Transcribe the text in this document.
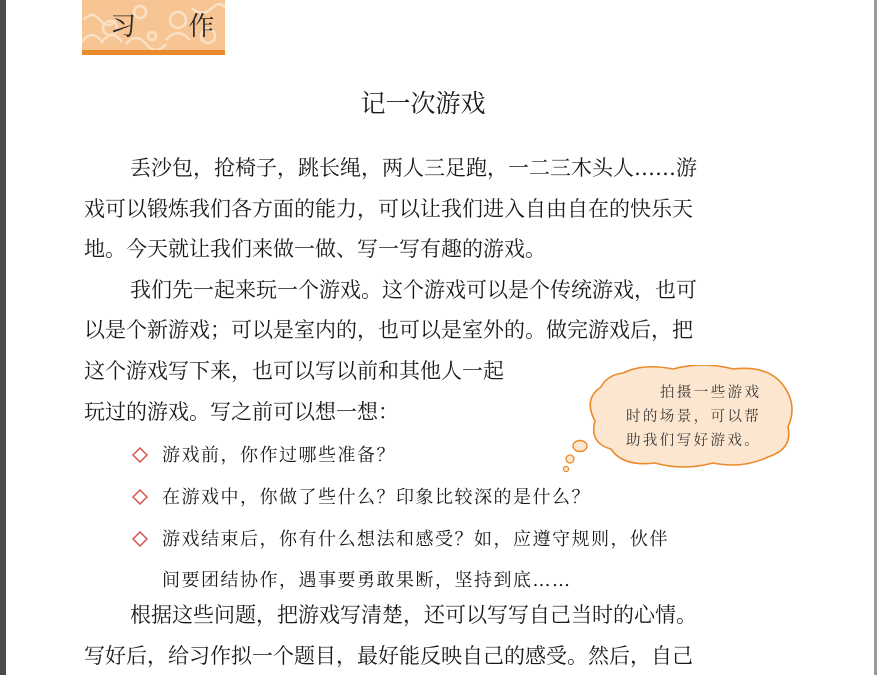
习 作
记一次游戏
丢沙包，抢椅子，跳长绳，两人三足跑，一二三木头人……游
戏可以锻炼我们各方面的能力，可以让我们进入自由自在的快乐天
地。今天就让我们来做一做、写一写有趣的游戏。
我们先一起来玩一个游戏。这个游戏可以是个传统游戏，也可
以是个新游戏；可以是室内的，也可以是室外的。做完游戏后，把
这个游戏写下来，也可以写以前和其他人一起
玩过的游戏。写之前可以想一想：
拍摄一些游戏
时的场景，可以帮
助我们写好游戏。
游戏前，你作过哪些准备？
在游戏中，你做了些什么？印象比较深的是什么？
游戏结束后，你有什么想法和感受？如，应遵守规则，伙伴
间要团结协作，遇事要勇敢果断，坚持到底……
根据这些问题，把游戏写清楚，还可以写写自己当时的心情。
写好后，给习作拟一个题目，最好能反映自己的感受。然后，自己
